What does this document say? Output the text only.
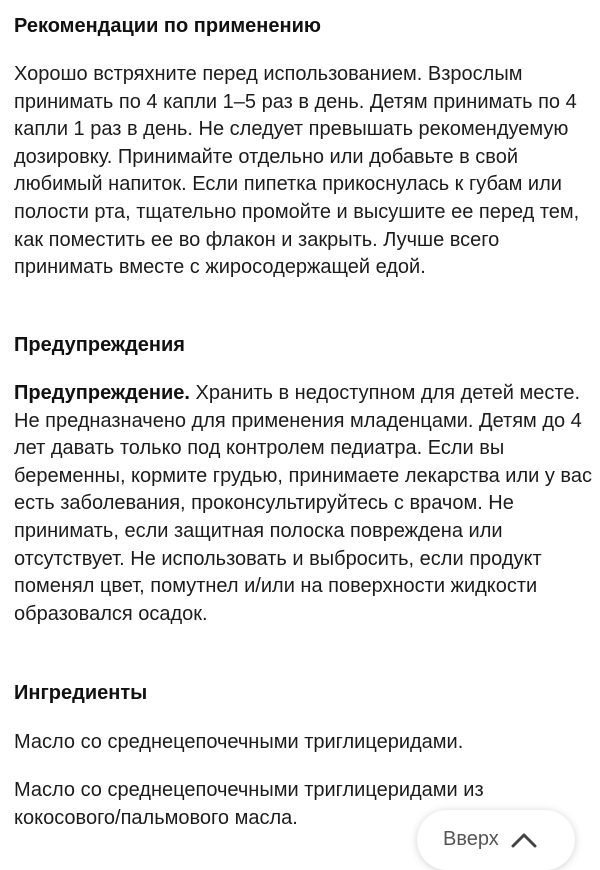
Рекомендации по применению

Хорошо встряхните перед использованием. Взрослым принимать по 4 капли 1–5 раз в день. Детям принимать по 4 капли 1 раз в день. Не следует превышать рекомендуемую дозировку. Принимайте отдельно или добавьте в свой любимый напиток. Если пипетка прикоснулась к губам или полости рта, тщательно промойте и высушите ее перед тем, как поместить ее во флакон и закрыть. Лучше всего принимать вместе с жиросодержащей едой.

Предупреждения

Предупреждение. Хранить в недоступном для детей месте. Не предназначено для применения младенцами. Детям до 4 лет давать только под контролем педиатра. Если вы беременны, кормите грудью, принимаете лекарства или у вас есть заболевания, проконсультируйтесь с врачом. Не принимать, если защитная полоска повреждена или отсутствует. Не использовать и выбросить, если продукт поменял цвет, помутнел и/или на поверхности жидкости образовался осадок.

Ингредиенты

Масло со среднецепочечными триглицеридами.

Масло со среднецепочечными триглицеридами из кокосового/пальмового масла.

Вверх
